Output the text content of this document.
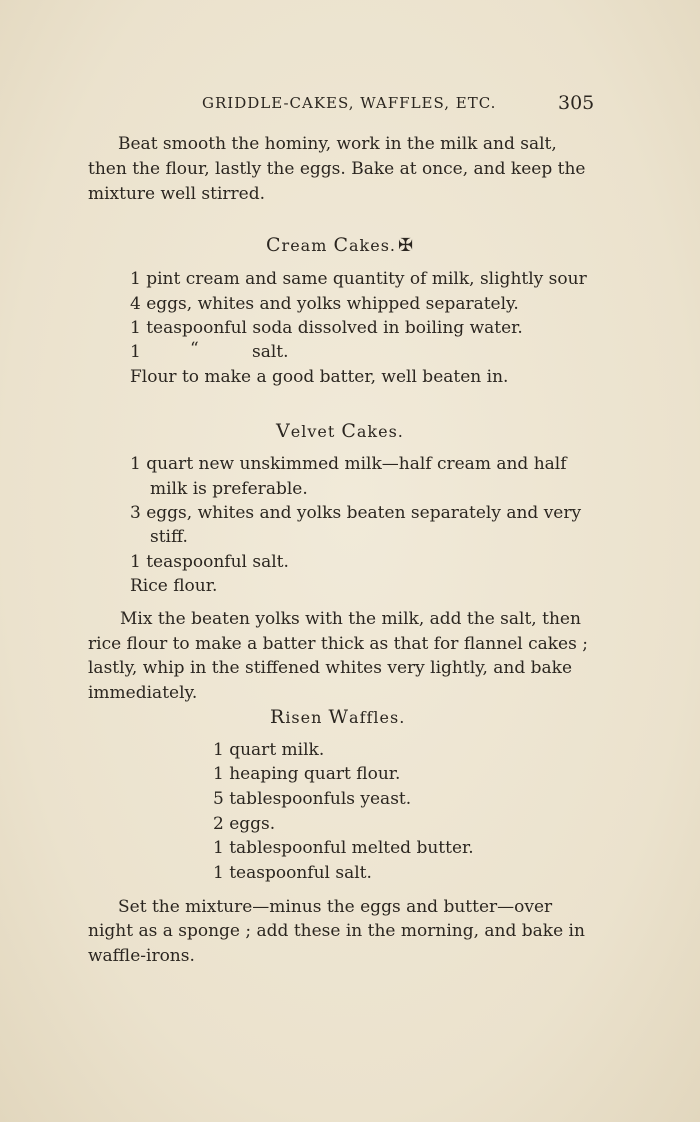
GRIDDLE-CAKES, WAFFLES, ETC.	305
Beat smooth the hominy, work in the milk and salt,
then the flour, lastly the eggs. Bake at once, and keep the
mixture well stirred.
Cream Cakes. ✠
1 pint cream and same quantity of milk, slightly sour
4 eggs, whites and yolks whipped separately.
1 teaspoonful soda dissolved in boiling water.
1	“	salt.
Flour to make a good batter, well beaten in.
Velvet Cakes.
1 quart new unskimmed milk—half cream and half
milk is preferable.
3 eggs, whites and yolks beaten separately and very
stiff.
1 teaspoonful salt.
Rice flour.
Mix the beaten yolks with the milk, add the salt, then
rice flour to make a batter thick as that for flannel cakes ;
lastly, whip in the stiffened whites very lightly, and bake
immediately.
Risen Waffles.
1 quart milk.
1 heaping quart flour.
5 tablespoonfuls yeast.
2 eggs.
1 tablespoonful melted butter.
1 teaspoonful salt.
Set the mixture—minus the eggs and butter—over
night as a sponge ; add these in the morning, and bake in
waffle-irons.
